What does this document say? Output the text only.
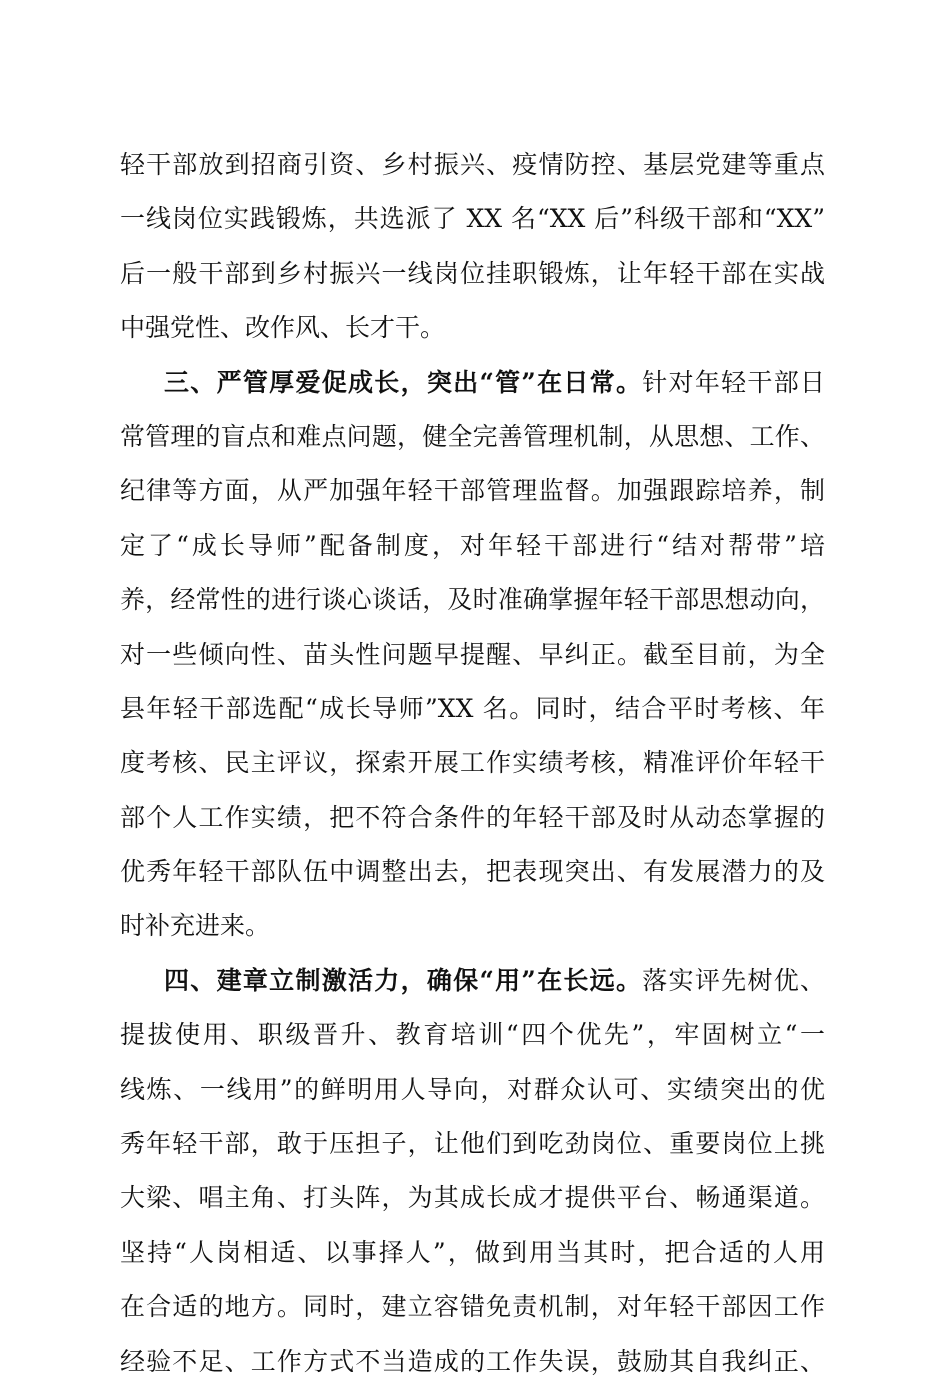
轻干部放到招商引资、乡村振兴、疫情防控、基层党建等重点
一线岗位实践锻炼，共选派了 XX 名“XX 后”科级干部和“XX”
后一般干部到乡村振兴一线岗位挂职锻炼，让年轻干部在实战
中强党性、改作风、长才干。
三、严管厚爱促成长，突出“管”在日常。针对年轻干部日
常管理的盲点和难点问题，健全完善管理机制，从思想、工作、
纪律等方面，从严加强年轻干部管理监督。加强跟踪培养，制
定了“成长导师”配备制度，对年轻干部进行“结对帮带”培
养，经常性的进行谈心谈话，及时准确掌握年轻干部思想动向，
对一些倾向性、苗头性问题早提醒、早纠正。截至目前，为全
县年轻干部选配“成长导师”XX 名。同时，结合平时考核、年
度考核、民主评议，探索开展工作实绩考核，精准评价年轻干
部个人工作实绩，把不符合条件的年轻干部及时从动态掌握的
优秀年轻干部队伍中调整出去，把表现突出、有发展潜力的及
时补充进来。
四、建章立制激活力，确保“用”在长远。落实评先树优、
提拔使用、职级晋升、教育培训“四个优先”，牢固树立“一
线炼、一线用”的鲜明用人导向，对群众认可、实绩突出的优
秀年轻干部，敢于压担子，让他们到吃劲岗位、重要岗位上挑
大梁、唱主角、打头阵，为其成长成才提供平台、畅通渠道。
坚持“人岗相适、以事择人”，做到用当其时，把合适的人用
在合适的地方。同时，建立容错免责机制，对年轻干部因工作
经验不足、工作方式不当造成的工作失误，鼓励其自我纠正、
